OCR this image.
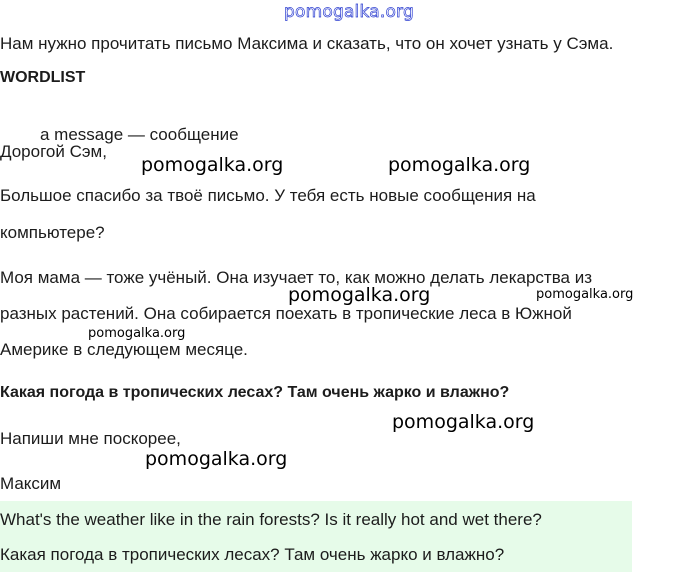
pomogalka.org
Нам нужно прочитать письмо Максима и сказать, что он хочет узнать у Сэма.
WORDLIST
a message — сообщение
Дорогой Сэм,
Большое спасибо за твоё письмо. У тебя есть новые сообщения на
компьютере?
Моя мама — тоже учёный. Она изучает то, как можно делать лекарства из
разных растений. Она собирается поехать в тропические леса в Южной
Америке в следующем месяце.
Какая погода в тропических лесах? Там очень жарко и влажно?
Напиши мне поскорее,
Максим
What's the weather like in the rain forests? Is it really hot and wet there?
Какая погода в тропических лесах? Там очень жарко и влажно?
pomogalka.org	pomogalka.org
pomogalka.org	pomogalka.org
pomogalka.org
pomogalka.org
pomogalka.org
